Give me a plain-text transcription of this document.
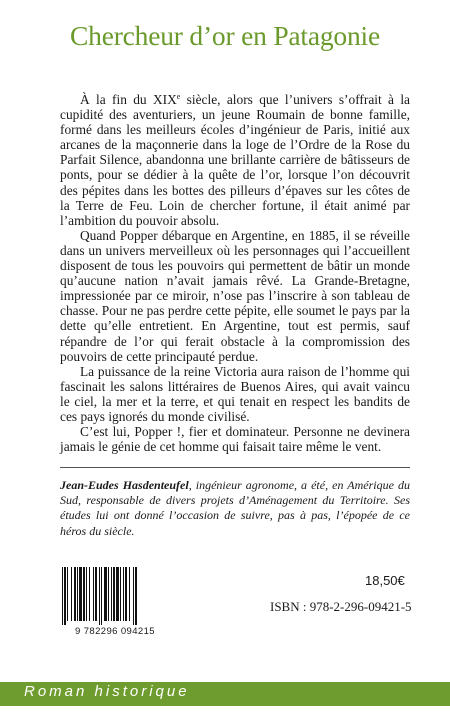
Chercheur d’or en Patagonie

À la fin du XIXe siècle, alors que l’univers s’offrait à la cupidité des aventuriers, un jeune Roumain de bonne famille, formé dans les meilleurs écoles d’ingénieur de Paris, initié aux arcanes de la maçonnerie dans la loge de l’Ordre de la Rose du Parfait Silence, abandonna une brillante carrière de bâtisseurs de ponts, pour se dédier à la quête de l’or, lorsque l’on découvrit des pépites dans les bottes des pilleurs d’épaves sur les côtes de la Terre de Feu. Loin de chercher fortune, il était animé par l’ambition du pouvoir absolu.

Quand Popper débarque en Argentine, en 1885, il se réveille dans un univers merveilleux où les personnages qui l’accueillent disposent de tous les pouvoirs qui permettent de bâtir un monde qu’aucune nation n’avait jamais rêvé. La Grande-Bretagne, impressionée par ce miroir, n’ose pas l’inscrire à son tableau de chasse. Pour ne pas perdre cette pépite, elle soumet le pays par la dette qu’elle entretient. En Argentine, tout est permis, sauf répandre de l’or qui ferait obstacle à la compromission des pouvoirs de cette principauté perdue.

La puissance de la reine Victoria aura raison de l’homme qui fascinait les salons littéraires de Buenos Aires, qui avait vaincu le ciel, la mer et la terre, et qui tenait en respect les bandits de ces pays ignorés du monde civilisé.

C’est lui, Popper !, fier et dominateur. Personne ne devinera jamais le génie de cet homme qui faisait taire même le vent.

Jean-Eudes Hasdenteufel, ingénieur agronome, a été, en Amérique du Sud, responsable de divers projets d’Aménagement du Territoire. Ses études lui ont donné l’occasion de suivre, pas à pas, l’épopée de ce héros du siècle.
9 782296 094215
18,50€
ISBN : 978-2-296-09421-5
Roman historique
